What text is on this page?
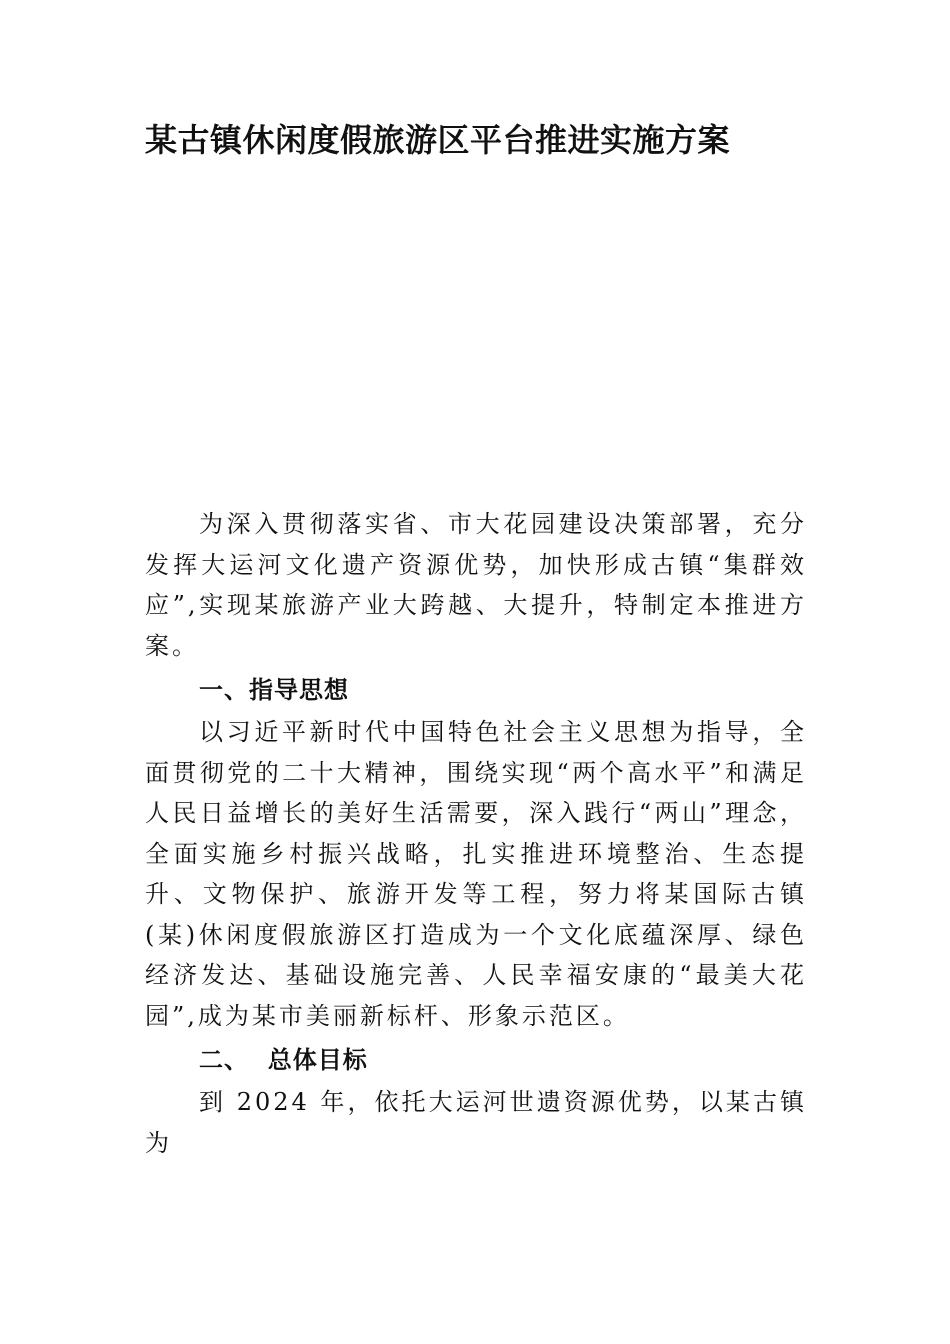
某古镇休闲度假旅游区平台推进实施方案

为深入贯彻落实省、市大花园建设决策部署，充分发挥大运河文化遗产资源优势，加快形成古镇“集群效应”,实现某旅游产业大跨越、大提升，特制定本推进方案。

一、指导思想

以习近平新时代中国特色社会主义思想为指导，全面贯彻党的二十大精神，围绕实现“两个高水平”和满足人民日益增长的美好生活需要，深入践行“两山”理念，全面实施乡村振兴战略，扎实推进环境整治、生态提升、文物保护、旅游开发等工程，努力将某国际古镇(某)休闲度假旅游区打造成为一个文化底蕴深厚、绿色经济发达、基础设施完善、人民幸福安康的“最美大花园”,成为某市美丽新标杆、形象示范区。

二、  总体目标

到 2024 年，依托大运河世遗资源优势，以某古镇为
